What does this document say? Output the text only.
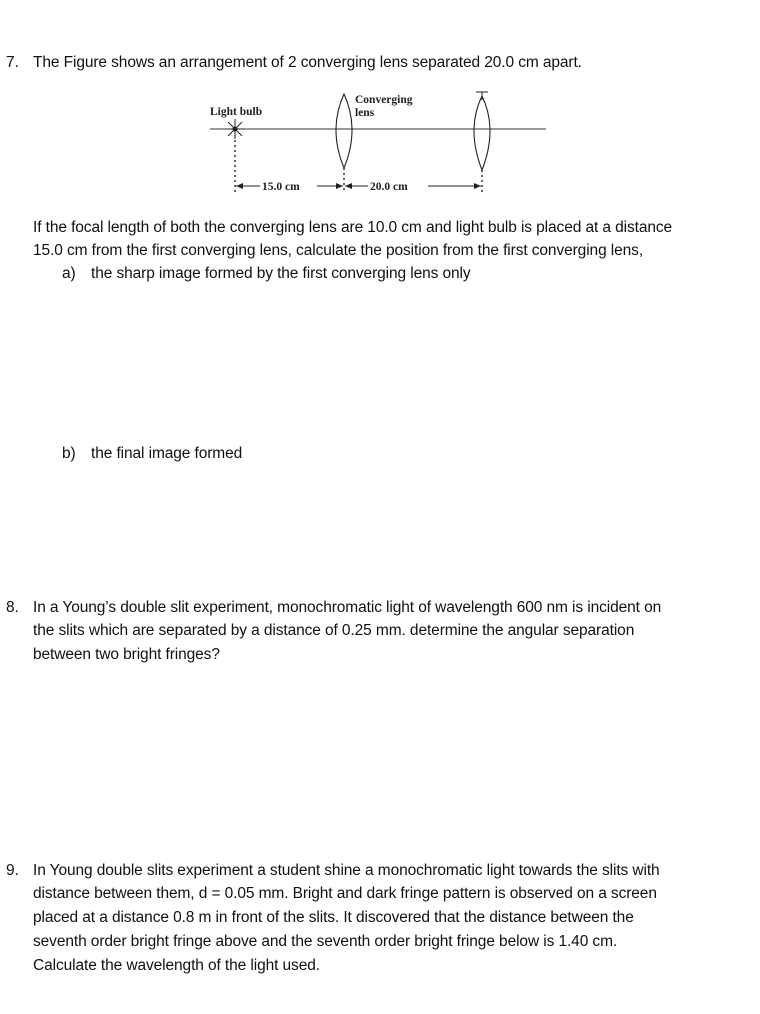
7. The Figure shows an arrangement of 2 converging lens separated 20.0 cm apart.
Light bulb
Converging
lens
15.0 cm	20.0 cm
If the focal length of both the converging lens are 10.0 cm and light bulb is placed at a distance
15.0 cm from the first converging lens, calculate the position from the first converging lens,
a) the sharp image formed by the first converging lens only
b) the final image formed
8. In a Young’s double slit experiment, monochromatic light of wavelength 600 nm is incident on
the slits which are separated by a distance of 0.25 mm. determine the angular separation
between two bright fringes?
9. In Young double slits experiment a student shine a monochromatic light towards the slits with
distance between them, d = 0.05 mm. Bright and dark fringe pattern is observed on a screen
placed at a distance 0.8 m in front of the slits. It discovered that the distance between the
seventh order bright fringe above and the seventh order bright fringe below is 1.40 cm.
Calculate the wavelength of the light used.
